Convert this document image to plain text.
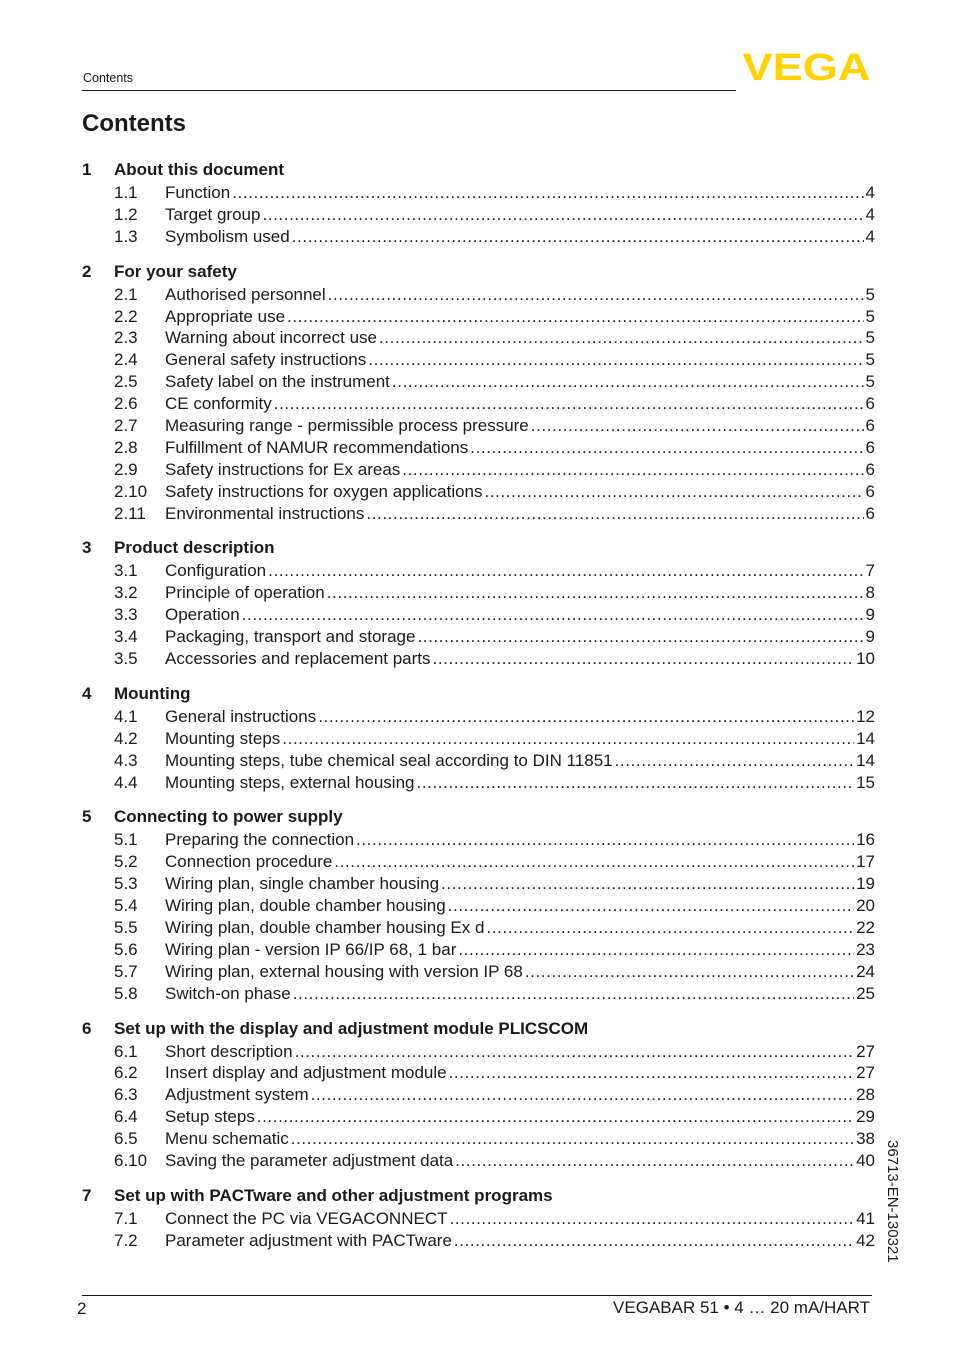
Contents	VEGA
Contents
1	About this document
1.1	Function .....	4
1.2	Target group .....	4
1.3	Symbolism used .....	4
2	For your safety
2.1	Authorised personnel .....	5
2.2	Appropriate use .....	5
2.3	Warning about incorrect use .....	5
2.4	General safety instructions .....	5
2.5	Safety label on the instrument .....	5
2.6	CE conformity .....	6
2.7	Measuring range - permissible process pressure .....	6
2.8	Fulfillment of NAMUR recommendations .....	6
2.9	Safety instructions for Ex areas .....	6
2.10	Safety instructions for oxygen applications .....	6
2.11	Environmental instructions .....	6
3	Product description
3.1	Configuration .....	7
3.2	Principle of operation .....	8
3.3	Operation .....	9
3.4	Packaging, transport and storage .....	9
3.5	Accessories and replacement parts .....	10
4	Mounting
4.1	General instructions .....	12
4.2	Mounting steps .....	14
4.3	Mounting steps, tube chemical seal according to DIN 11851 .....	14
4.4	Mounting steps, external housing .....	15
5	Connecting to power supply
5.1	Preparing the connection .....	16
5.2	Connection procedure .....	17
5.3	Wiring plan, single chamber housing .....	19
5.4	Wiring plan, double chamber housing .....	20
5.5	Wiring plan, double chamber housing Ex d .....	22
5.6	Wiring plan - version IP 66/IP 68, 1 bar .....	23
5.7	Wiring plan, external housing with version IP 68 .....	24
5.8	Switch-on phase .....	25
6	Set up with the display and adjustment module PLICSCOM
6.1	Short description .....	27
6.2	Insert display and adjustment module .....	27
6.3	Adjustment system .....	28
6.4	Setup steps .....	29
6.5	Menu schematic .....	38
6.10	Saving the parameter adjustment data .....	40
7	Set up with PACTware and other adjustment programs
7.1	Connect the PC via VEGACONNECT .....	41
7.2	Parameter adjustment with PACTware .....	42 36713-EN-130321
2	VEGABAR 51 • 4 … 20 mA/HART
